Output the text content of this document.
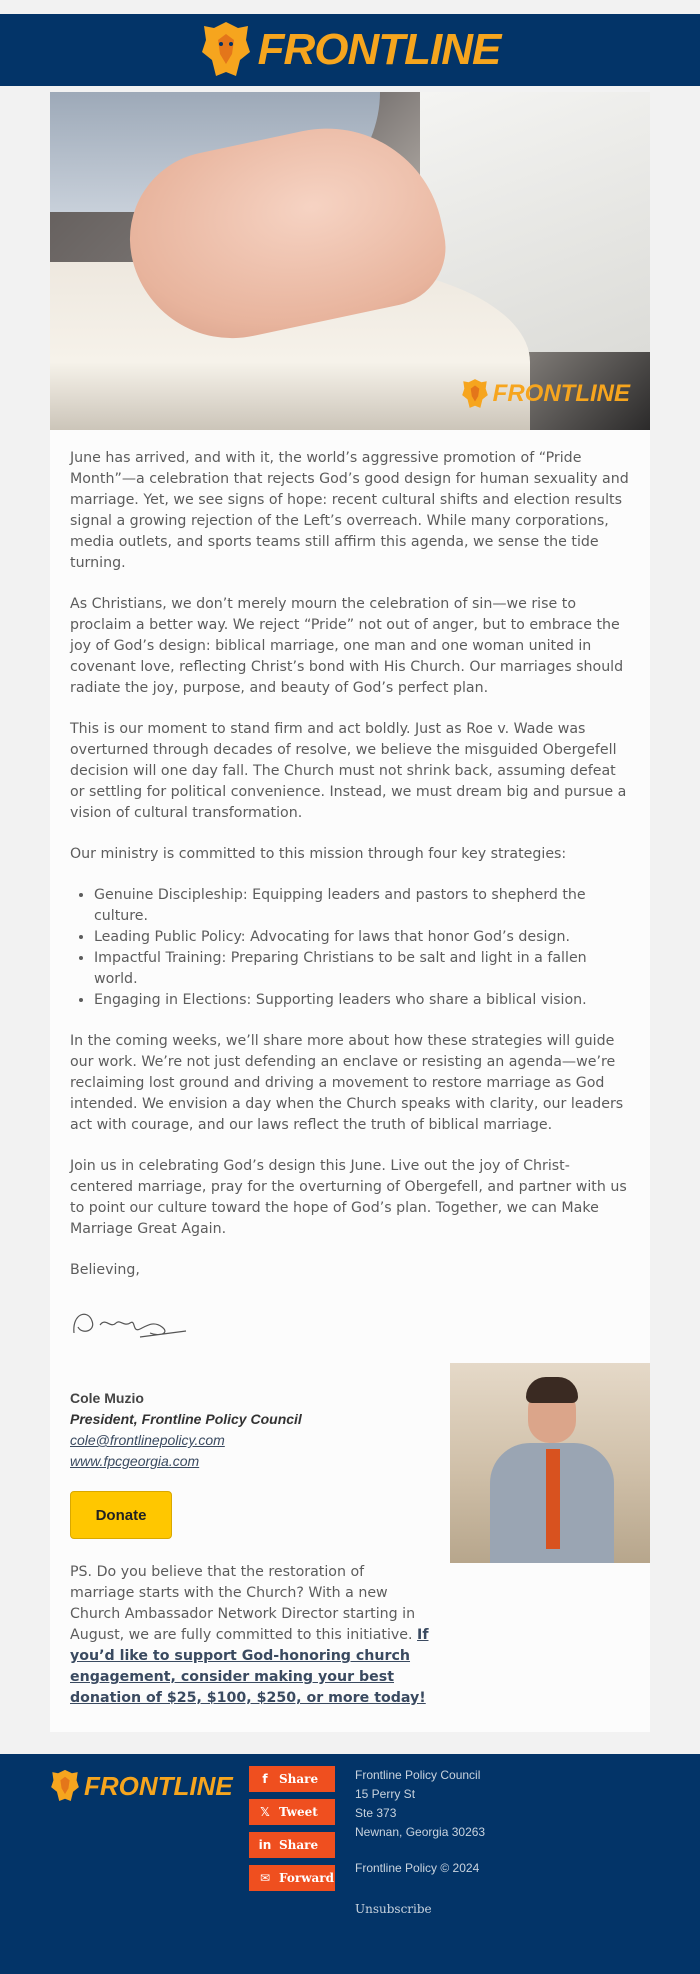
FRONTLINE
FRONTLINE

June has arrived, and with it, the world’s aggressive promotion of “Pride Month”—a celebration that rejects God’s good design for human sexuality and marriage. Yet, we see signs of hope: recent cultural shifts and election results signal a growing rejection of the Left’s overreach. While many corporations, media outlets, and sports teams still affirm this agenda, we sense the tide turning.

As Christians, we don’t merely mourn the celebration of sin—we rise to proclaim a better way. We reject “Pride” not out of anger, but to embrace the joy of God’s design: biblical marriage, one man and one woman united in covenant love, reflecting Christ’s bond with His Church. Our marriages should radiate the joy, purpose, and beauty of God’s perfect plan.

This is our moment to stand firm and act boldly. Just as Roe v. Wade was overturned through decades of resolve, we believe the misguided Obergefell decision will one day fall. The Church must not shrink back, assuming defeat or settling for political convenience. Instead, we must dream big and pursue a vision of cultural transformation.

Our ministry is committed to this mission through four key strategies:

• Genuine Discipleship: Equipping leaders and pastors to shepherd the culture.
• Leading Public Policy: Advocating for laws that honor God’s design.
• Impactful Training: Preparing Christians to be salt and light in a fallen world.
• Engaging in Elections: Supporting leaders who share a biblical vision.

In the coming weeks, we’ll share more about how these strategies will guide our work. We’re not just defending an enclave or resisting an agenda—we’re reclaiming lost ground and driving a movement to restore marriage as God intended. We envision a day when the Church speaks with clarity, our leaders act with courage, and our laws reflect the truth of biblical marriage.

Join us in celebrating God’s design this June. Live out the joy of Christ-centered marriage, pray for the overturning of Obergefell, and partner with us to point our culture toward the hope of God’s plan. Together, we can Make Marriage Great Again.

Believing,

Cole Muzio
President, Frontline Policy Council
cole@frontlinepolicy.com
www.fpcgeorgia.com
Donate
PS. Do you believe that the restoration of marriage starts with the Church? With a new Church Ambassador Network Director starting in August, we are fully committed to this initiative. If you’d like to support God-honoring church engagement, consider making your best donation of $25, $100, $250, or more today!
FRONTLINE	f Share
𝕏 Tweet
in Share
✉ Forward
Frontline Policy Council
15 Perry St
Ste 373
Newnan, Georgia 30263
Frontline Policy © 2024
Unsubscribe
